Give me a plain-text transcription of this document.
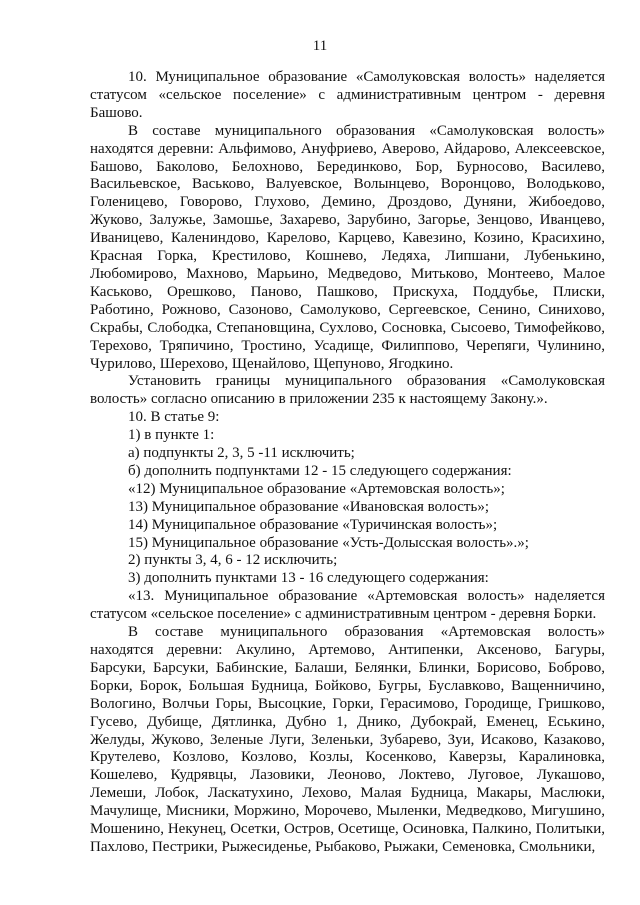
11

10. Муниципальное образование «Самолуковская волость» наделяется статусом «сельское поселение» с административным центром - деревня Башово.

В составе муниципального образования «Самолуковская волость» находятся деревни: Альфимово, Ануфриево, Аверово, Айдарово, Алексеевское, Башово, Баколово, Белохново, Берединково, Бор, Бурносово, Василево, Васильевское, Васьково, Валуевское, Волынцево, Воронцово, Володьково, Голеницево, Говорово, Глухово, Демино, Дроздово, Дуняни, Жибоедово, Жуково, Залужье, Замошье, Захарево, Зарубино, Загорье, Зенцово, Иванцево, Иваницево, Калениндово, Карелово, Карцево, Кавезино, Козино, Красихино, Красная Горка, Крестилово, Кошнево, Ледяха, Липшани, Лубенькино, Любомирово, Махново, Марьино, Медведово, Митьково, Монтеево, Малое Каськово, Орешково, Паново, Пашково, Прискуха, Поддубье, Плиски, Работино, Рожново, Сазоново, Самолуково, Сергеевское, Сенино, Синихово, Скрабы, Слободка, Степановщина, Сухлово, Сосновка, Сысоево, Тимофейково, Терехово, Тряпичино, Тростино, Усадище, Филиппово, Черепяги, Чулинино, Чурилово, Шерехово, Щенайлово, Щепуново, Ягодкино.

Установить границы муниципального образования «Самолуковская волость» согласно описанию в приложении 235 к настоящему Закону.».

10. В статье 9:

1) в пункте 1:

а) подпункты 2, 3, 5 -11 исключить;

б) дополнить подпунктами 12 - 15 следующего содержания:

«12) Муниципальное образование «Артемовская волость»;

13) Муниципальное образование «Ивановская волость»;

14) Муниципальное образование «Туричинская волость»;

15) Муниципальное образование «Усть-Долысская волость».»;

2) пункты 3, 4, 6 - 12 исключить;

3) дополнить пунктами 13 - 16 следующего содержания:

«13. Муниципальное образование «Артемовская волость» наделяется статусом «сельское поселение» с административным центром - деревня Борки.

В составе муниципального образования «Артемовская волость» находятся деревни: Акулино, Артемово, Антипенки, Аксеново, Багуры, Барсуки, Барсуки, Бабинские, Балаши, Белянки, Блинки, Борисово, Боброво, Борки, Борок, Большая Будница, Бойково, Бугры, Буславково, Ващенничино, Вологино, Волчьи Горы, Высоцкие, Горки, Герасимово, Городище, Гришково, Гусево, Дубище, Дятлинка, Дубно 1, Днико, Дубокрай, Еменец, Еськино, Желуды, Жуково, Зеленые Луги, Зеленьки, Зубарево, Зуи, Исаково, Казаково, Крутелево, Козлово, Козлово, Козлы, Косенково, Каверзы, Каралиновка, Кошелево, Кудрявцы, Лазовики, Леоново, Локтево, Луговое, Лукашово, Лемеши, Лобок, Ласкатухино, Лехово, Малая Будница, Макары, Маслюки, Мачулище, Мисники, Моржино, Морочево, Мыленки, Медведково, Мигушино, Мошенино, Некунец, Осетки, Остров, Осетище, Осиновка, Палкино, Политыки, Пахлово, Пестрики, Рыжесиденье, Рыбаково, Рыжаки, Семеновка, Смольники,
